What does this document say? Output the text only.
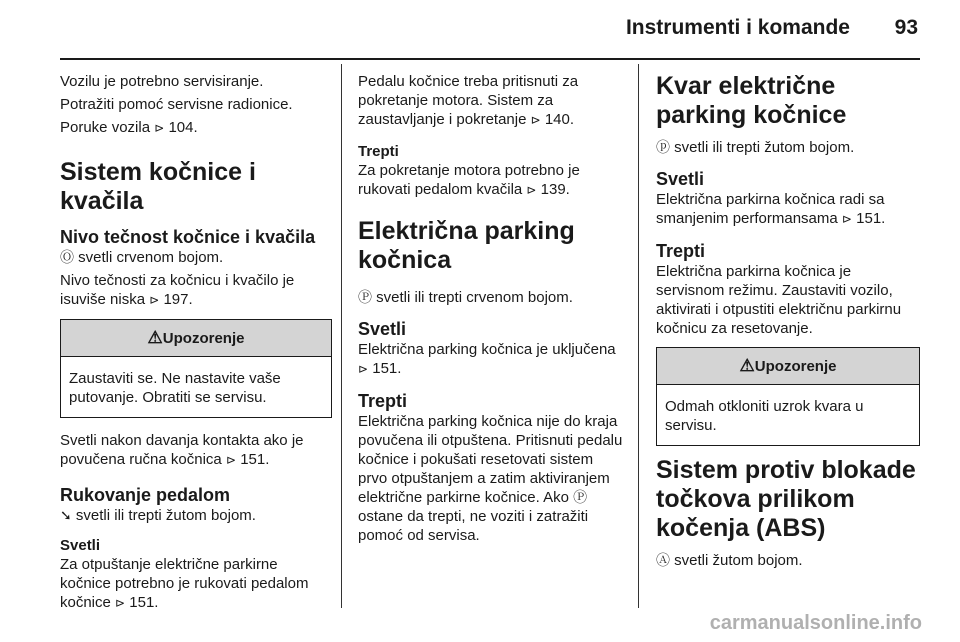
Instrumenti i komande	93

Vozilu je potrebno servisiranje.

Potražiti pomoć servisne radionice.

Poruke vozila ⊳ 104.

Sistem kočnice i kvačila
Nivo tečnost kočnice i kvačila

Ⓞ svetli crvenom bojom.

Nivo tečnosti za kočnicu i kvačilo je isuviše niska ⊳ 197.

⚠Upozorenje
Zaustaviti se. Ne nastavite vaše putovanje. Obratiti se servisu.

Svetli nakon davanja kontakta ako je povučena ručna kočnica ⊳ 151.

Rukovanje pedalom

➘ svetli ili trepti žutom bojom.

Svetli

Za otpuštanje električne parkirne kočnice potrebno je rukovati pedalom kočnice ⊳ 151.

Pedalu kočnice treba pritisnuti za pokretanje motora. Sistem za zaustavljanje i pokretanje ⊳ 140.

Trepti

Za pokretanje motora potrebno je rukovati pedalom kvačila ⊳ 139.

Električna parking kočnica

Ⓟ svetli ili trepti crvenom bojom.

Svetli

Električna parking kočnica je uključena ⊳ 151.

Trepti

Električna parking kočnica nije do kraja povučena ili otpuštena. Pritisnuti pedalu kočnice i pokušati resetovati sistem prvo otpuštanjem a zatim aktiviranjem električne parkirne kočnice. Ako Ⓟ ostane da trepti, ne voziti i zatražiti pomoć od servisa.

Kvar električne parking kočnice

ⓟ svetli ili trepti žutom bojom.

Svetli

Električna parkirna kočnica radi sa smanjenim performansama ⊳ 151.

Trepti

Električna parkirna kočnica je servisnom režimu. Zaustaviti vozilo, aktivirati i otpustiti električnu parkirnu kočnicu za resetovanje.

⚠Upozorenje
Odmah otkloniti uzrok kvara u servisu.
Sistem protiv blokade točkova prilikom kočenja (ABS)

Ⓐ svetli žutom bojom.

carmanualsonline.info
